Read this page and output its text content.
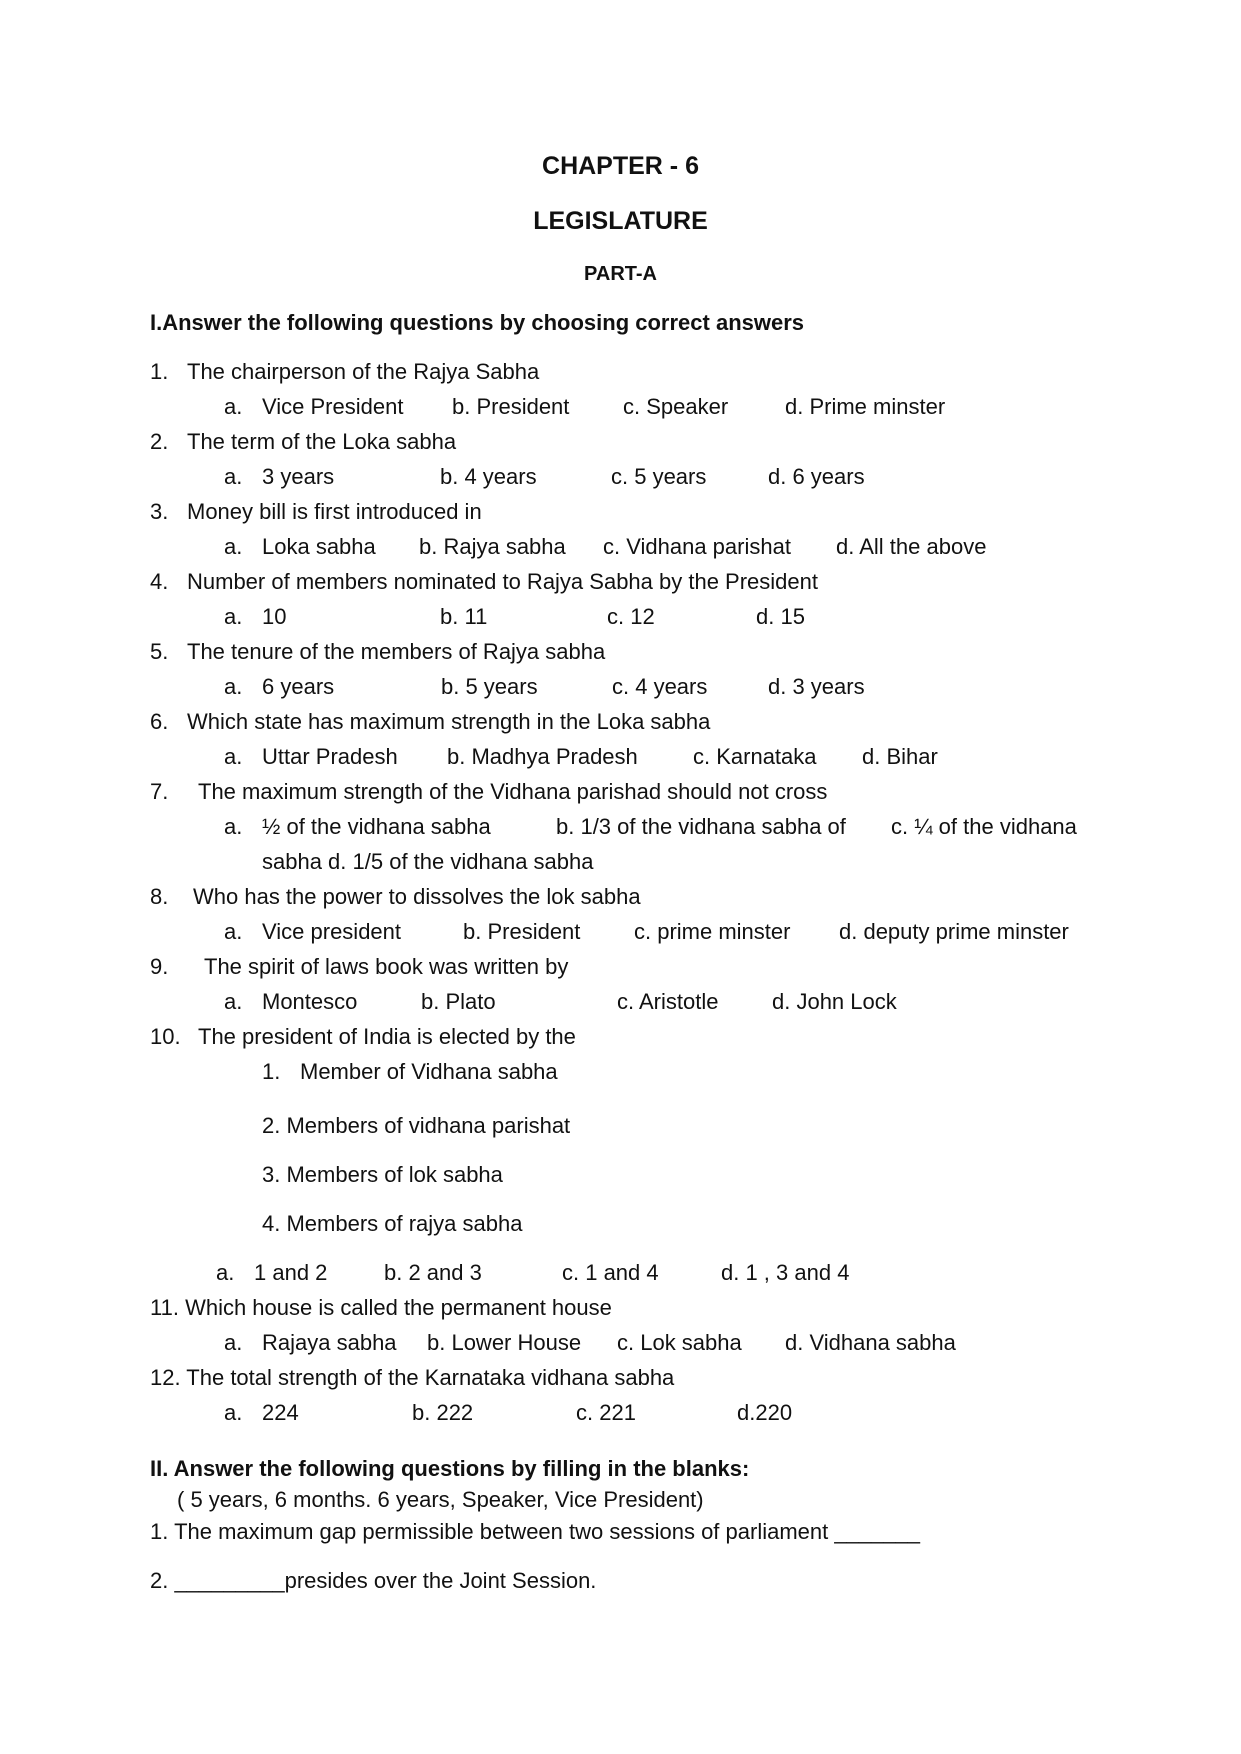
CHAPTER - 6
LEGISLATURE
PART-A
I.Answer the following questions by choosing correct answers
1. The chairperson of the Rajya Sabha
a. Vice President b. President c. Speaker	d. Prime minster
2. The term of the Loka sabha
a. 3 years	b. 4 years	c. 5 years	d. 6 years
3. Money bill is first introduced in
a. Loka sabha b. Rajya sabha c. Vidhana parishat d. All the above
4. Number of members nominated to Rajya Sabha by the President
a. 10	b. 11	c. 12	d. 15
5. The tenure of the members of Rajya sabha
a. 6 years	b. 5 years	c. 4 years	d. 3 years
6. Which state has maximum strength in the Loka sabha
a. Uttar Pradesh b. Madhya Pradesh	c. Karnataka d. Bihar
7. The maximum strength of the Vidhana parishad should not cross
a. ½ of the vidhana sabha	b. 1/3 of the vidhana sabha of c. ¼ of the vidhana
sabha d. 1/5 of the vidhana sabha
8. Who has the power to dissolves the lok sabha
a. Vice president	b. President c. prime minster d. deputy prime minster
9. The spirit of laws book was written by
a. Montesco	b. Plato	c. Aristotle d. John Lock
10. The president of India is elected by the
1. Member of Vidhana sabha
2. Members of vidhana parishat
3. Members of lok sabha
4. Members of rajya sabha
a. 1 and 2	b. 2 and 3	c. 1 and 4	d. 1 , 3 and 4
11. Which house is called the permanent house
a. Rajaya sabha b. Lower House c. Lok sabha d. Vidhana sabha
12. The total strength of the Karnataka vidhana sabha
a. 224	b. 222	c. 221	d.220
II. Answer the following questions by filling in the blanks:
( 5 years, 6 months. 6 years, Speaker, Vice President)
1. The maximum gap permissible between two sessions of parliament _______
2. _________presides over the Joint Session.
